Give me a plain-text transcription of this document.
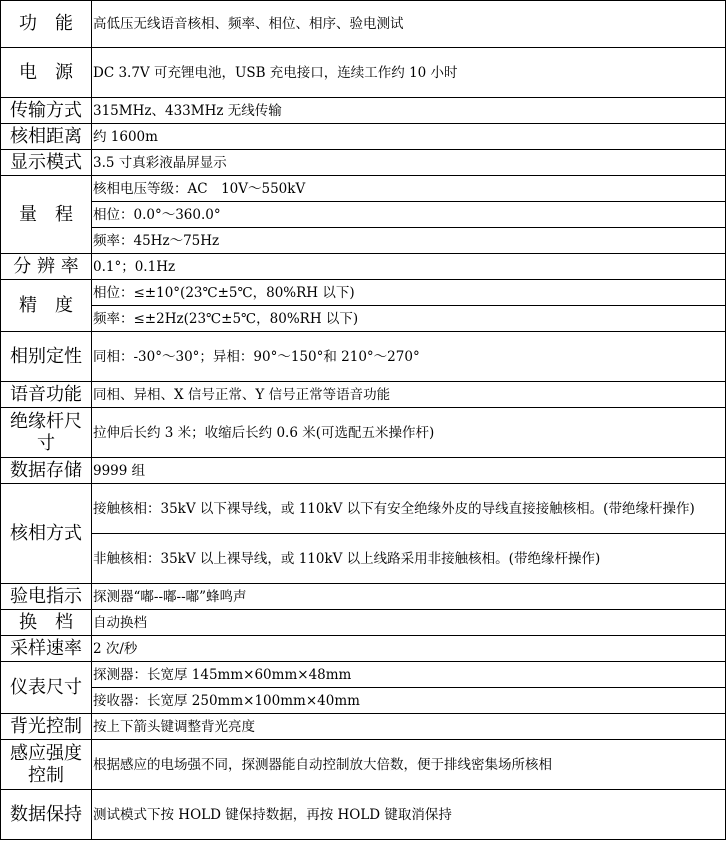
功　能	高低压无线语音核相、频率、相位、相序、验电测试
电　源	DC 3.7V 可充锂电池，USB 充电接口，连续工作约 10 小时
传输方式	315MHz、433MHz 无线传输
核相距离	约 1600m
显示模式	3.5 寸真彩液晶屏显示
量　程	核相电压等级：AC　10V～550kV
	相位：0.0°～360.0°
	频率：45Hz～75Hz
分 辨 率	0.1°；0.1Hz
精　度	相位：≤±10°(23℃±5℃，80%RH 以下)
	频率：≤±2Hz(23℃±5℃，80%RH 以下)
相别定性	同相：-30°～30°；异相：90°～150°和 210°～270°
语音功能	同相、异相、X 信号正常、Y 信号正常等语音功能
绝缘杆尺寸	拉伸后长约 3 米；收缩后长约 0.6 米(可选配五米操作杆)
数据存储	9999 组
核相方式	接触核相：35kV 以下裸导线，或 110kV 以下有安全绝缘外皮的导线直接接触核相。(带绝缘杆操作)
	非触核相：35kV 以上裸导线，或 110kV 以上线路采用非接触核相。(带绝缘杆操作)
验电指示	探测器“嘟--嘟--嘟”蜂鸣声
换　档	自动换档
采样速率	2 次/秒
仪表尺寸	探测器：长宽厚 145mm×60mm×48mm
	接收器：长宽厚 250mm×100mm×40mm
背光控制	按上下箭头键调整背光亮度
感应强度控制	根据感应的电场强不同，探测器能自动控制放大倍数，便于排线密集场所核相
数据保持	测试模式下按 HOLD 键保持数据，再按 HOLD 键取消保持
